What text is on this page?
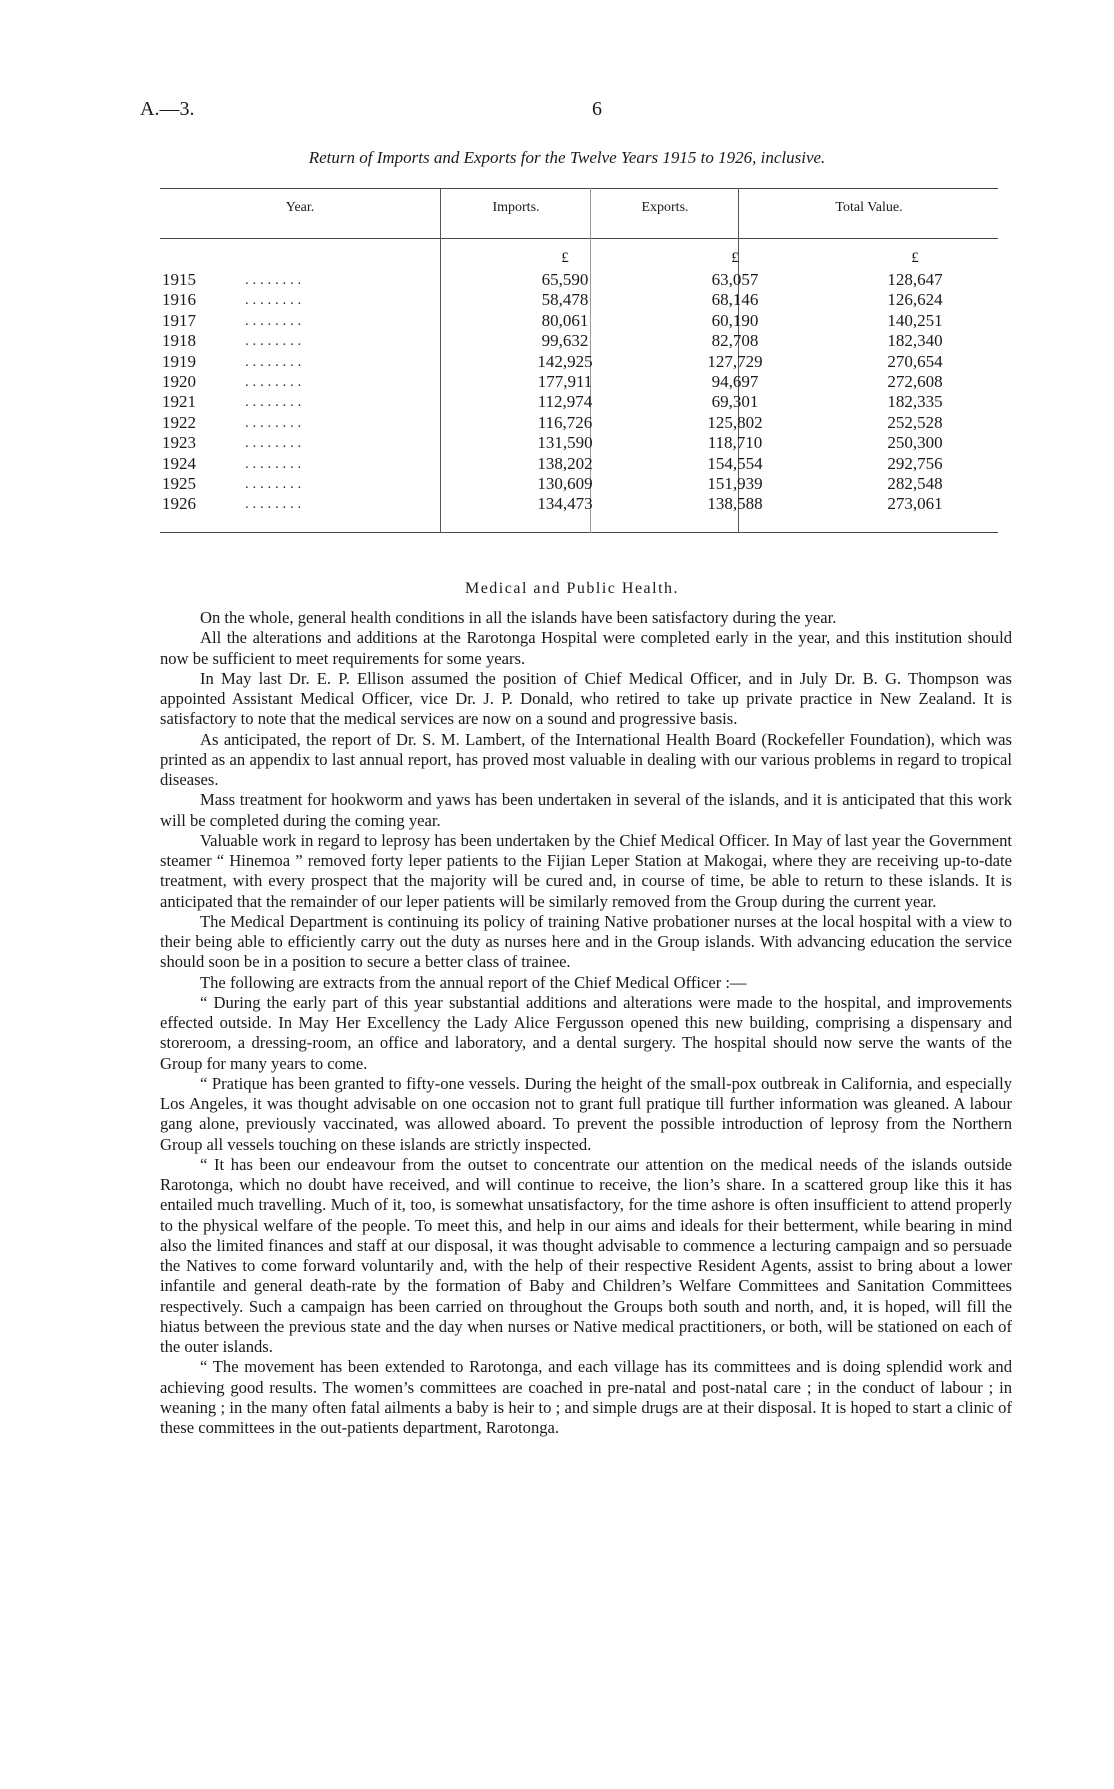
A.—3.	6
Return of Imports and Exports for the Twelve Years 1915 to 1926, inclusive.
Year.	Imports.	Exports.	Total Value.
£	£	£
1915	. . . . . . . .	65,590	63,057	128,647
1916	. . . . . . . .	58,478	68,146	126,624
1917	. . . . . . . .	80,061	60,190	140,251
1918	. . . . . . . .	99,632	82,708	182,340
1919	. . . . . . . .	142,925	127,729	270,654
1920	. . . . . . . .	177,911	94,697	272,608
1921	. . . . . . . .	112,974	69,301	182,335
1922	. . . . . . . .	116,726	125,802	252,528
1923	. . . . . . . .	131,590	118,710	250,300
1924	. . . . . . . .	138,202	154,554	292,756
1925	. . . . . . . .	130,609	151,939	282,548
1926	. . . . . . . .	134,473	138,588	273,061
Medical and Public Health.

On the whole, general health conditions in all the islands have been satisfactory during the year.

All the alterations and additions at the Rarotonga Hospital were completed early in the year, and this institution should now be sufficient to meet requirements for some years.

In May last Dr. E. P. Ellison assumed the position of Chief Medical Officer, and in July Dr. B. G. Thompson was appointed Assistant Medical Officer, vice Dr. J. P. Donald, who retired to take up private practice in New Zealand. It is satisfactory to note that the medical services are now on a sound and progressive basis.

As anticipated, the report of Dr. S. M. Lambert, of the International Health Board (Rockefeller Foundation), which was printed as an appendix to last annual report, has proved most valuable in dealing with our various problems in regard to tropical diseases.

Mass treatment for hookworm and yaws has been undertaken in several of the islands, and it is anticipated that this work will be completed during the coming year.

Valuable work in regard to leprosy has been undertaken by the Chief Medical Officer. In May of last year the Government steamer “ Hinemoa ” removed forty leper patients to the Fijian Leper Station at Makogai, where they are receiving up-to-date treatment, with every prospect that the majority will be cured and, in course of time, be able to return to these islands. It is anticipated that the remainder of our leper patients will be similarly removed from the Group during the current year.

The Medical Department is continuing its policy of training Native probationer nurses at the local hospital with a view to their being able to efficiently carry out the duty as nurses here and in the Group islands. With advancing education the service should soon be in a position to secure a better class of trainee.

The following are extracts from the annual report of the Chief Medical Officer :—

“ During the early part of this year substantial additions and alterations were made to the hospital, and improvements effected outside. In May Her Excellency the Lady Alice Fergusson opened this new building, comprising a dispensary and storeroom, a dressing-room, an office and laboratory, and a dental surgery. The hospital should now serve the wants of the Group for many years to come.

“ Pratique has been granted to fifty-one vessels. During the height of the small-pox outbreak in California, and especially Los Angeles, it was thought advisable on one occasion not to grant full pratique till further information was gleaned. A labour gang alone, previously vaccinated, was allowed aboard. To prevent the possible introduction of leprosy from the Northern Group all vessels touching on these islands are strictly inspected.

“ It has been our endeavour from the outset to concentrate our attention on the medical needs of the islands outside Rarotonga, which no doubt have received, and will continue to receive, the lion’s share. In a scattered group like this it has entailed much travelling. Much of it, too, is somewhat unsatisfactory, for the time ashore is often insufficient to attend properly to the physical welfare of the people. To meet this, and help in our aims and ideals for their betterment, while bearing in mind also the limited finances and staff at our disposal, it was thought advisable to commence a lecturing campaign and so persuade the Natives to come forward voluntarily and, with the help of their respective Resident Agents, assist to bring about a lower infantile and general death-rate by the formation of Baby and Children’s Welfare Committees and Sanitation Committees respectively. Such a campaign has been carried on throughout the Groups both south and north, and, it is hoped, will fill the hiatus between the previous state and the day when nurses or Native medical practitioners, or both, will be stationed on each of the outer islands.

“ The movement has been extended to Rarotonga, and each village has its committees and is doing splendid work and achieving good results. The women’s committees are coached in pre-natal and post-natal care ; in the conduct of labour ; in weaning ; in the many often fatal ailments a baby is heir to ; and simple drugs are at their disposal. It is hoped to start a clinic of these committees in the out-patients department, Rarotonga.
